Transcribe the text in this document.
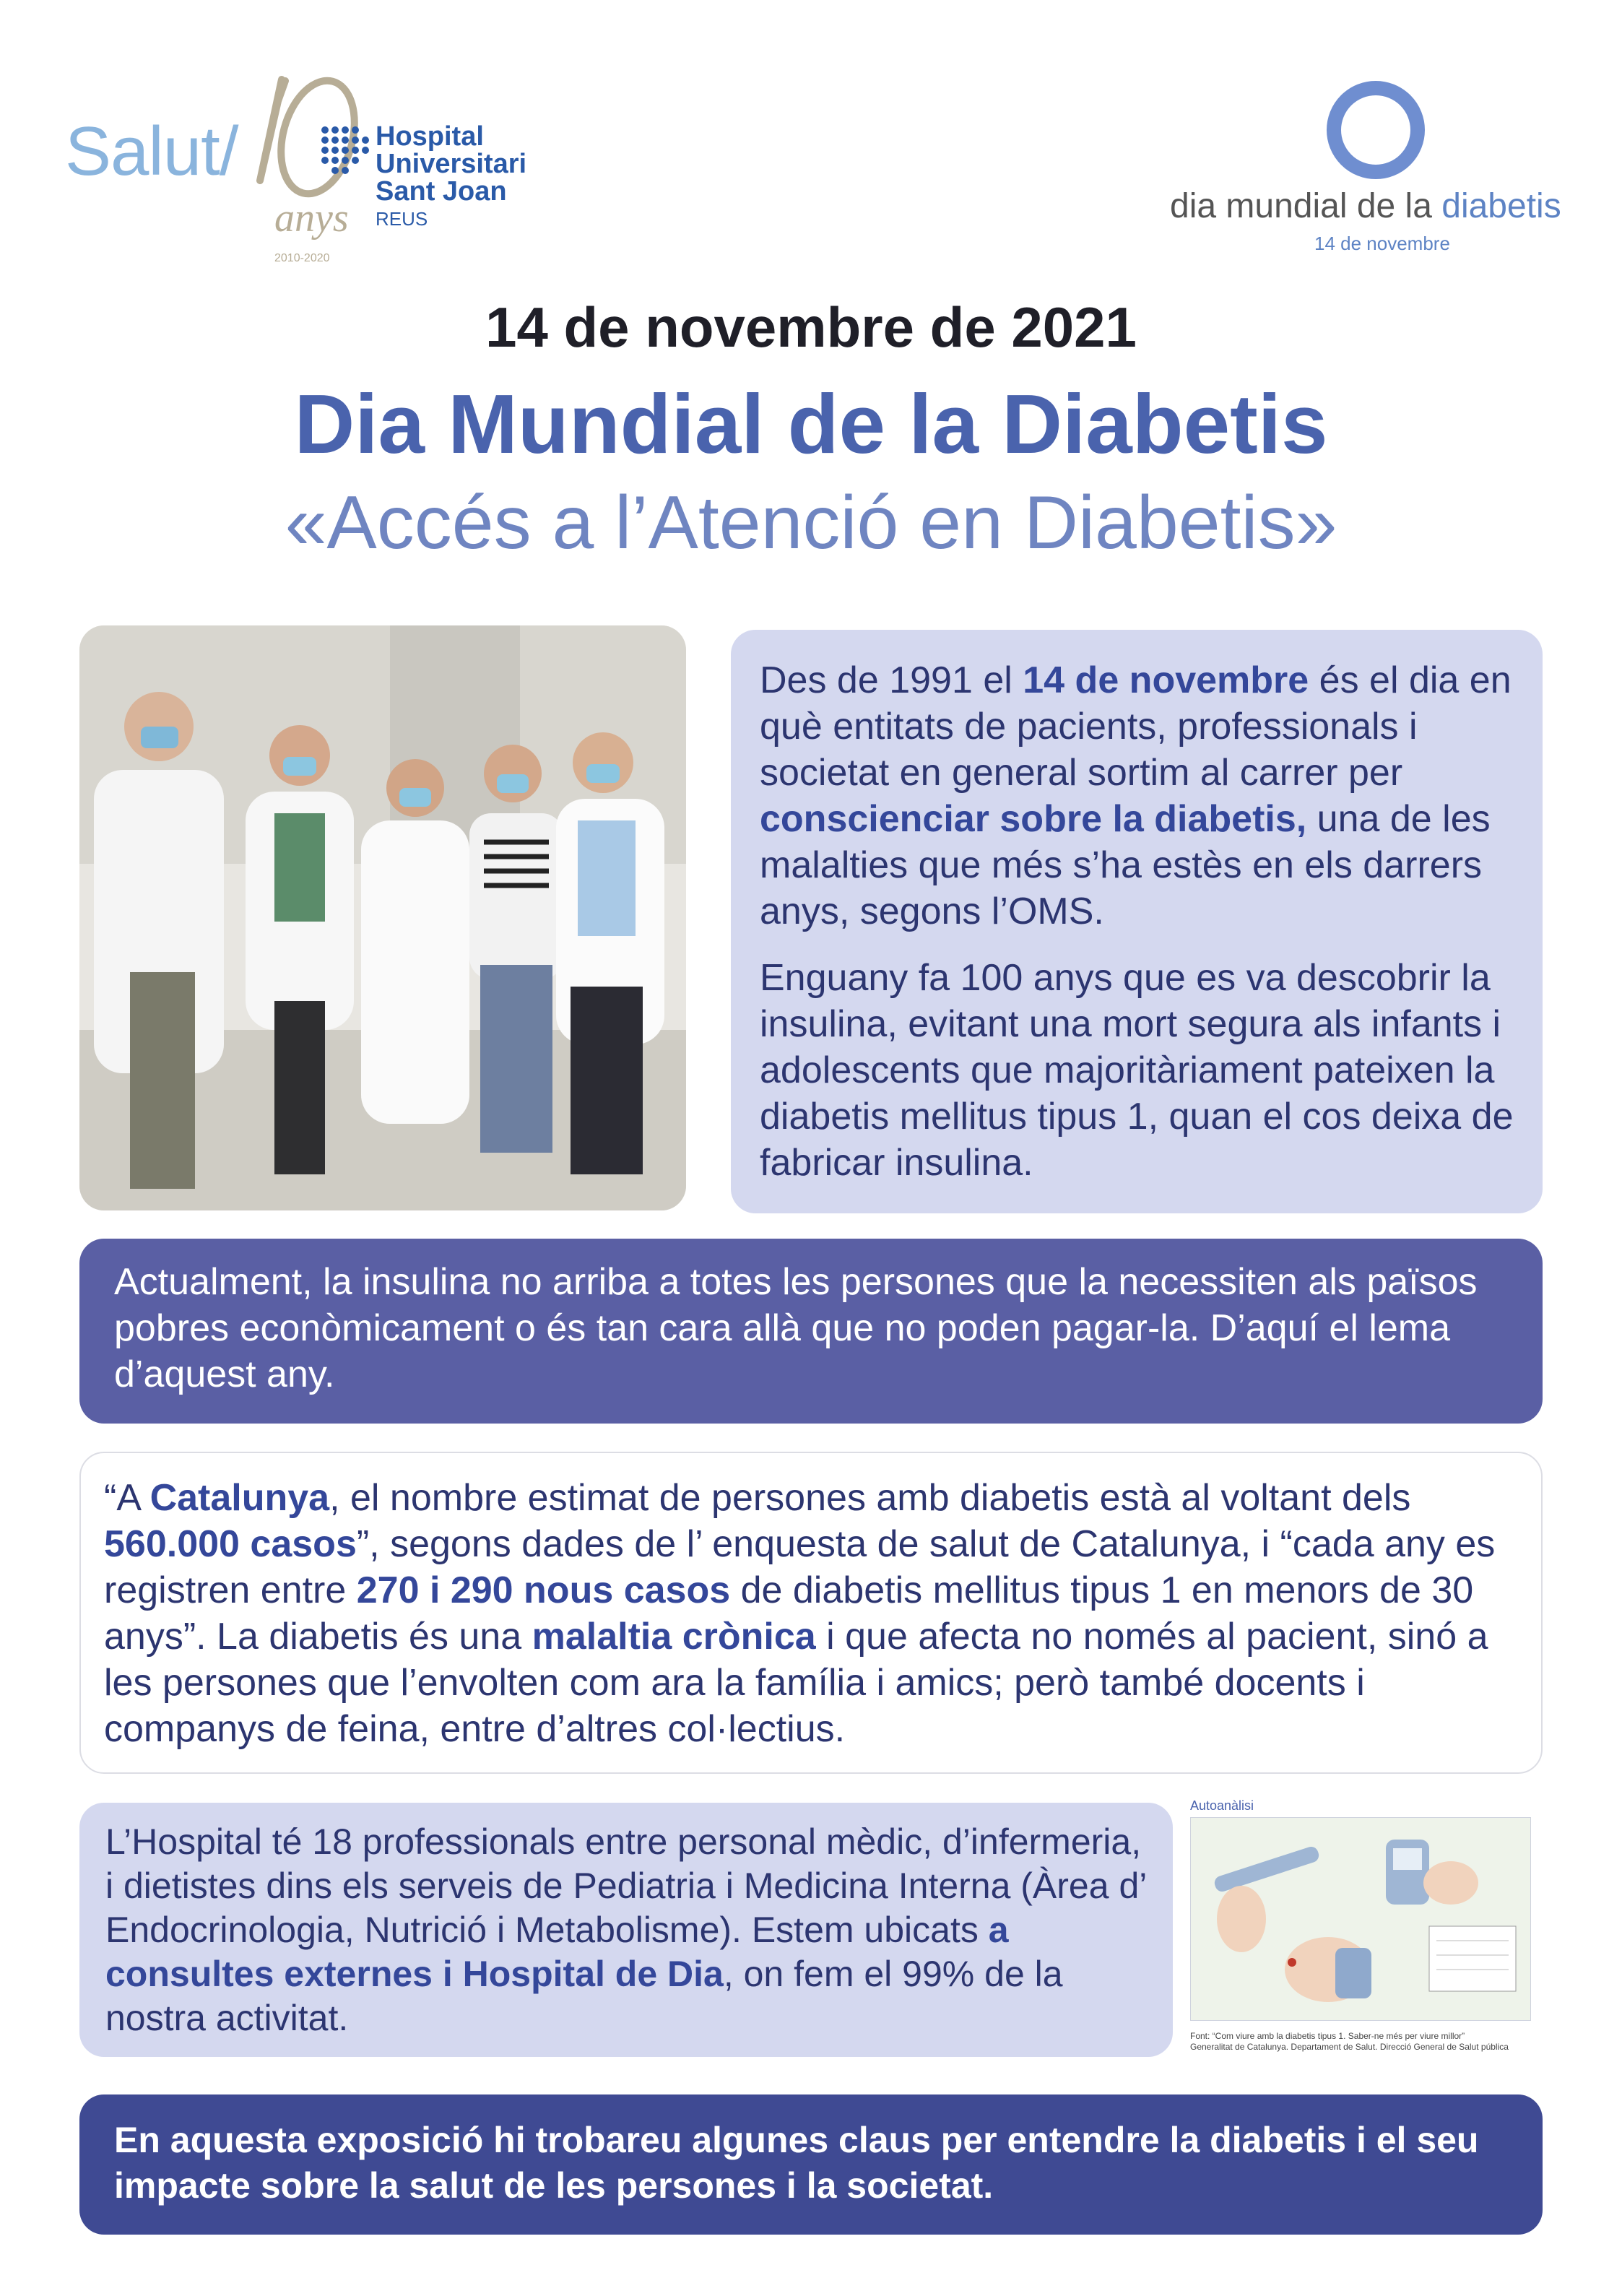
Salut/
anys
2010-2020
Hospital Universitari
Sant Joan
REUS	dia mundial de la diabetis
14 de novembre
14 de novembre de 2021
Dia Mundial de la Diabetis
«Accés a l’Atenció en Diabetis»

Des de 1991 el 14 de novembre és el dia en què entitats de pacients, professionals i societat en general sortim al carrer per conscienciar sobre la diabetis, una de les malalties que més s’ha estès en els darrers anys, segons l’OMS.

Enguany fa 100 anys que es va descobrir la insulina, evitant una mort segura als infants i adolescents que majoritàriament pateixen la diabetis mellitus tipus 1, quan el cos deixa de fabricar insulina.

Actualment, la insulina no arriba a totes les persones que la necessiten als països pobres econòmicament o és tan cara allà que no poden pagar-la. D’aquí el lema d’aquest any.

“A Catalunya, el nombre estimat de persones amb diabetis està al voltant dels 560.000 casos”, segons dades de l’ enquesta de salut de Catalunya, i “cada any es registren entre 270 i 290 nous casos de diabetis mellitus tipus 1 en menors de 30 anys”. La diabetis és una malaltia crònica i que afecta no només al pacient, sinó a les persones que l’envolten com ara la família i amics; però també docents i companys de feina, entre d’altres col·lectius.

L’Hospital té 18 professionals entre personal mèdic, d’infermeria, i dietistes dins els serveis de Pediatria i Medicina Interna (Àrea d’ Endocrinologia, Nutrició i Metabolisme). Estem ubicats a consultes externes i Hospital de Dia, on fem el 99% de la nostra activitat.

Autoanàlisi
Font: “Com viure amb la diabetis tipus 1. Saber-ne més per viure millor”
Generalitat de Catalunya. Departament de Salut. Direcció General de Salut pública

En aquesta exposició hi trobareu algunes claus per entendre la diabetis i el seu impacte sobre la salut de les persones i la societat.
